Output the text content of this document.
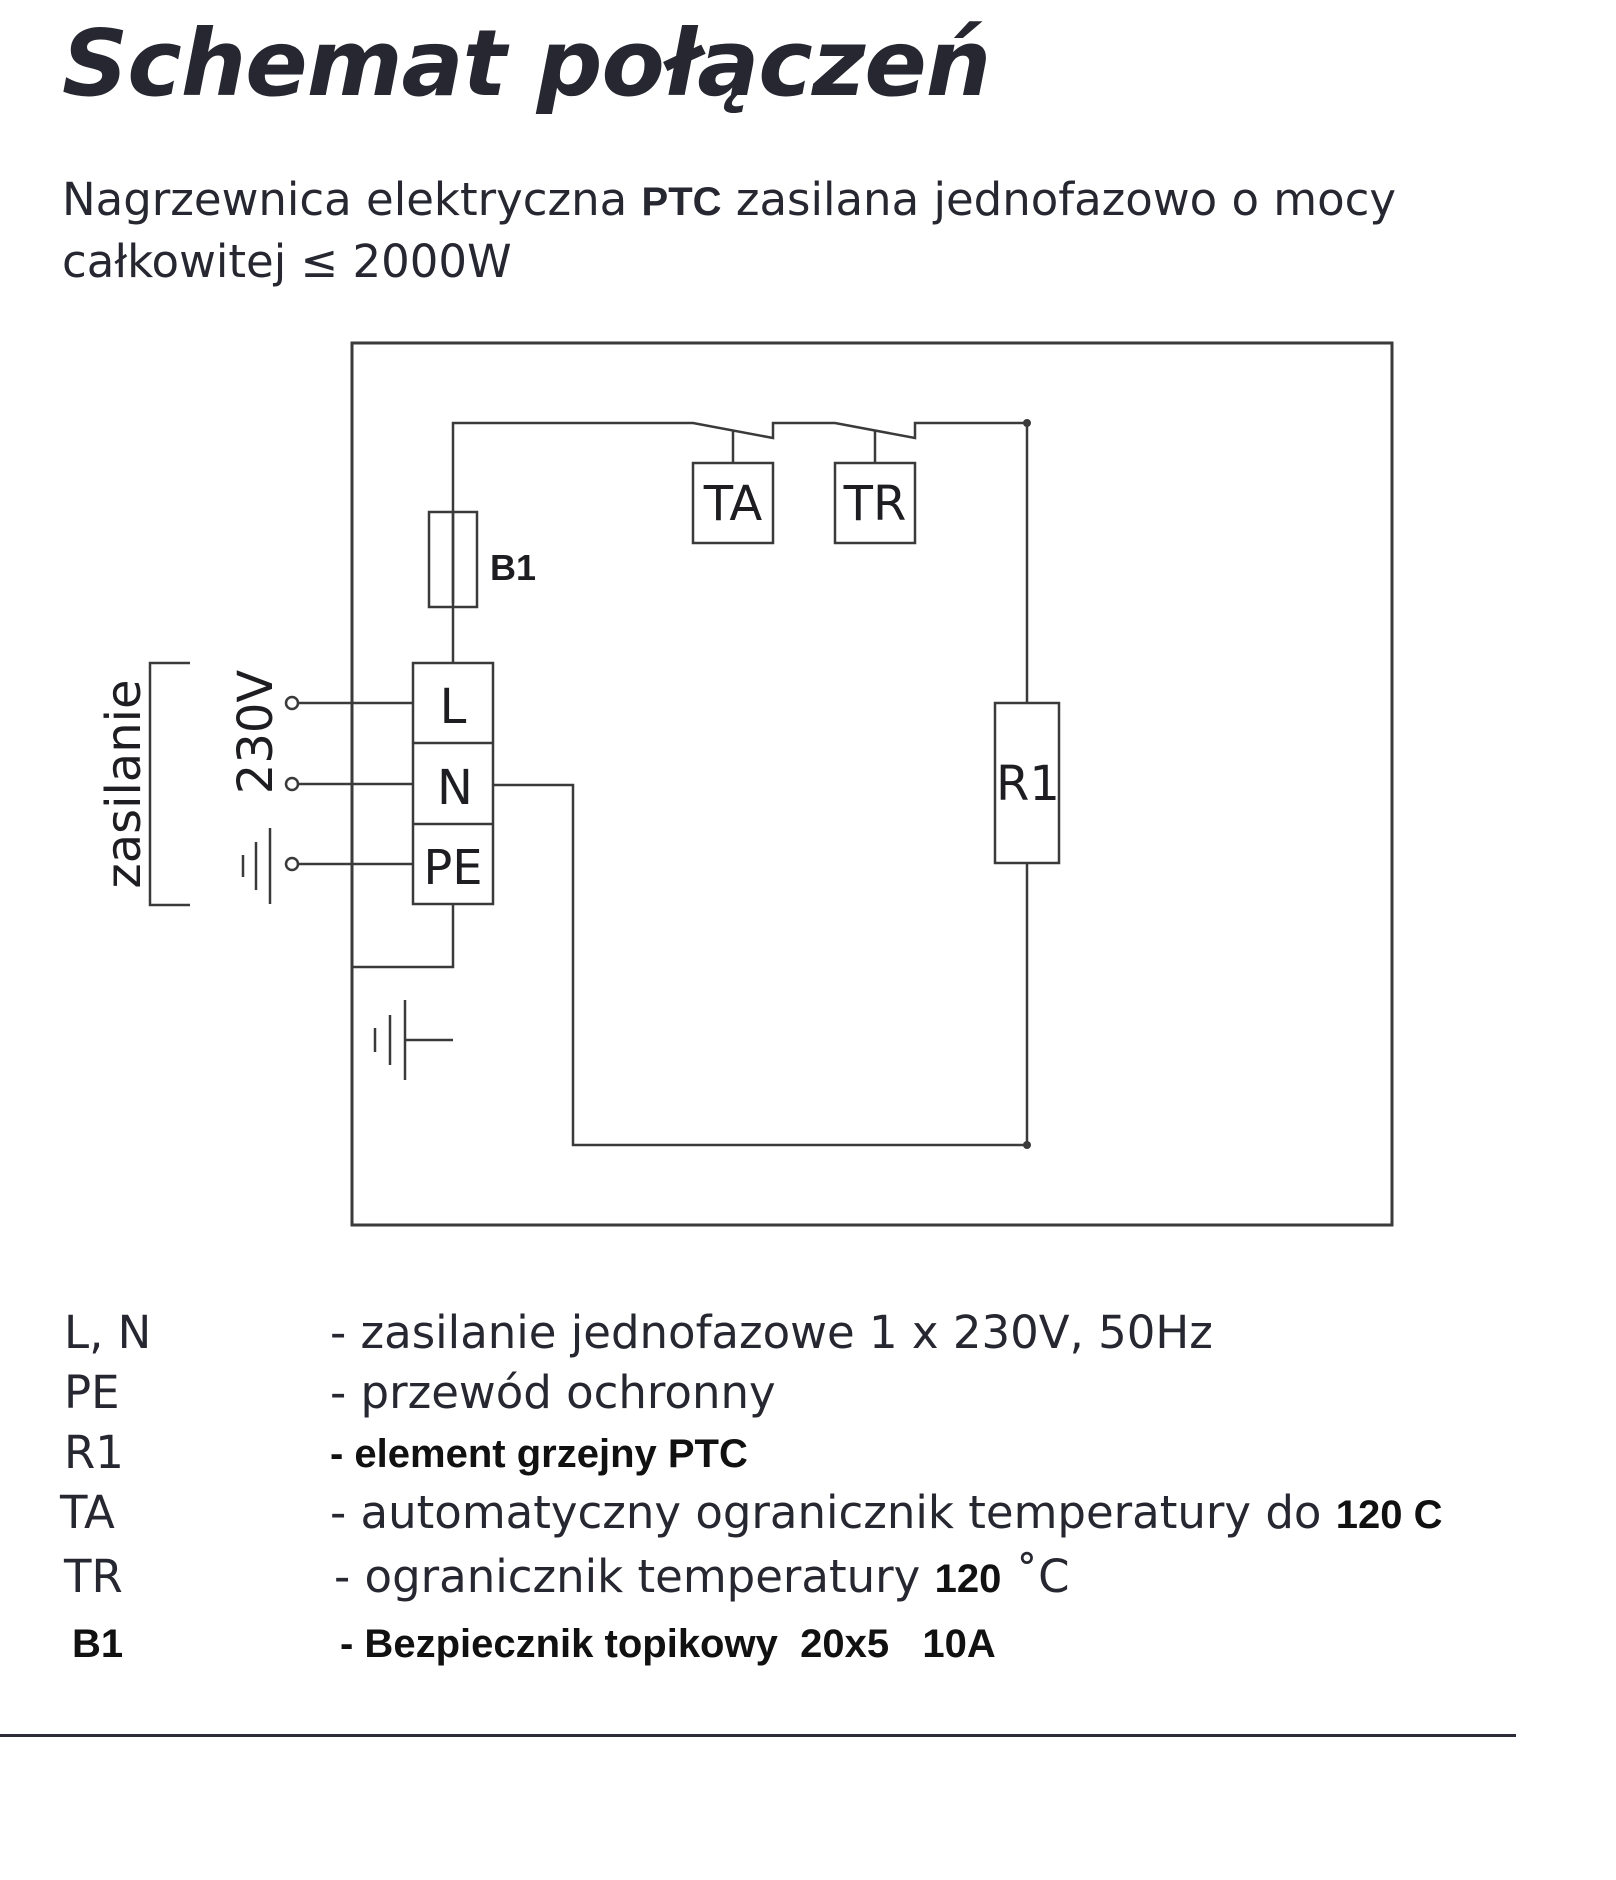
Schemat połączeń
Nagrzewnica elektryczna PTC zasilana jednofazowo o mocy całkowitej ≤ 2000W
L
N
PE
TA TR
R1
zasilanie 230V
B1
L, N	- zasilanie jednofazowe 1 x 230V, 50Hz
PE	- przewód ochronny
R1	- element grzejny PTC
TA	- automatyczny ogranicznik temperatury do 120 C
TR	- ogranicznik temperatury 120 ˚C
B1	- Bezpiecznik topikowy  20x5   10A
